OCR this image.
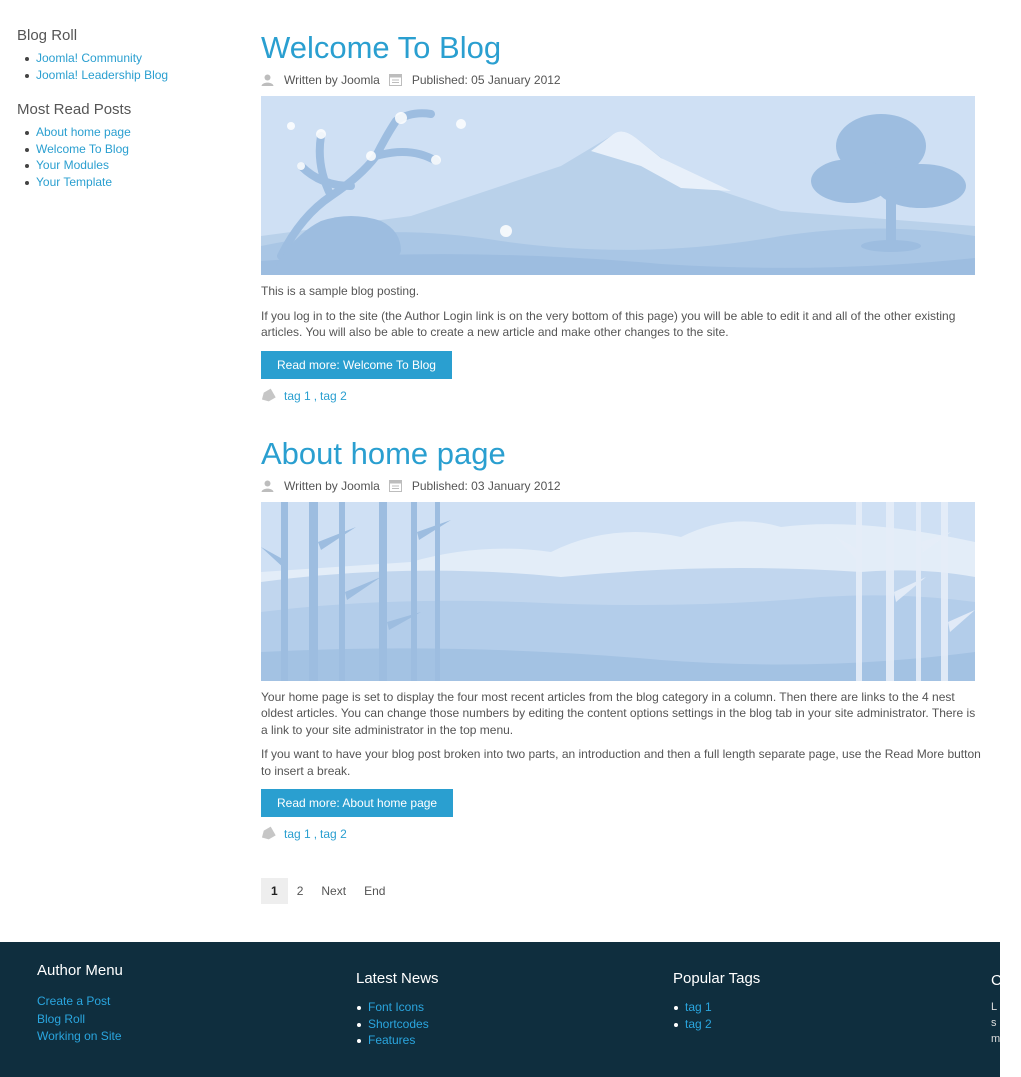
Blog Roll
Joomla! Community
Joomla! Leadership Blog
Most Read Posts
About home page
Welcome To Blog
Your Modules
Your Template
Welcome To Blog
Written by Joomla	Published: 05 January 2012

This is a sample blog posting.

If you log in to the site (the Author Login link is on the very bottom of this page) you will be able to edit it and all of the other existing articles. You will also be able to create a new article and make other changes to the site.

Read more: Welcome To Blog
tag 1 , tag 2
About home page
Written by Joomla	Published: 03 January 2012

Your home page is set to display the four most recent articles from the blog category in a column. Then there are links to the 4 nest oldest articles. You can change those numbers by editing the content options settings in the blog tab in your site administrator. There is a link to your site administrator in the top menu.

If you want to have your blog post broken into two parts, an introduction and then a full length separate page, use the Read More button to insert a break.

Read more: About home page
tag 1 , tag 2
1	2	Next	End
Author Menu
Create a Post
Blog Roll
Working on Site
Latest News
Font Icons
Shortcodes
Features
Popular Tags
tag 1
tag 2
C
L
s
m
